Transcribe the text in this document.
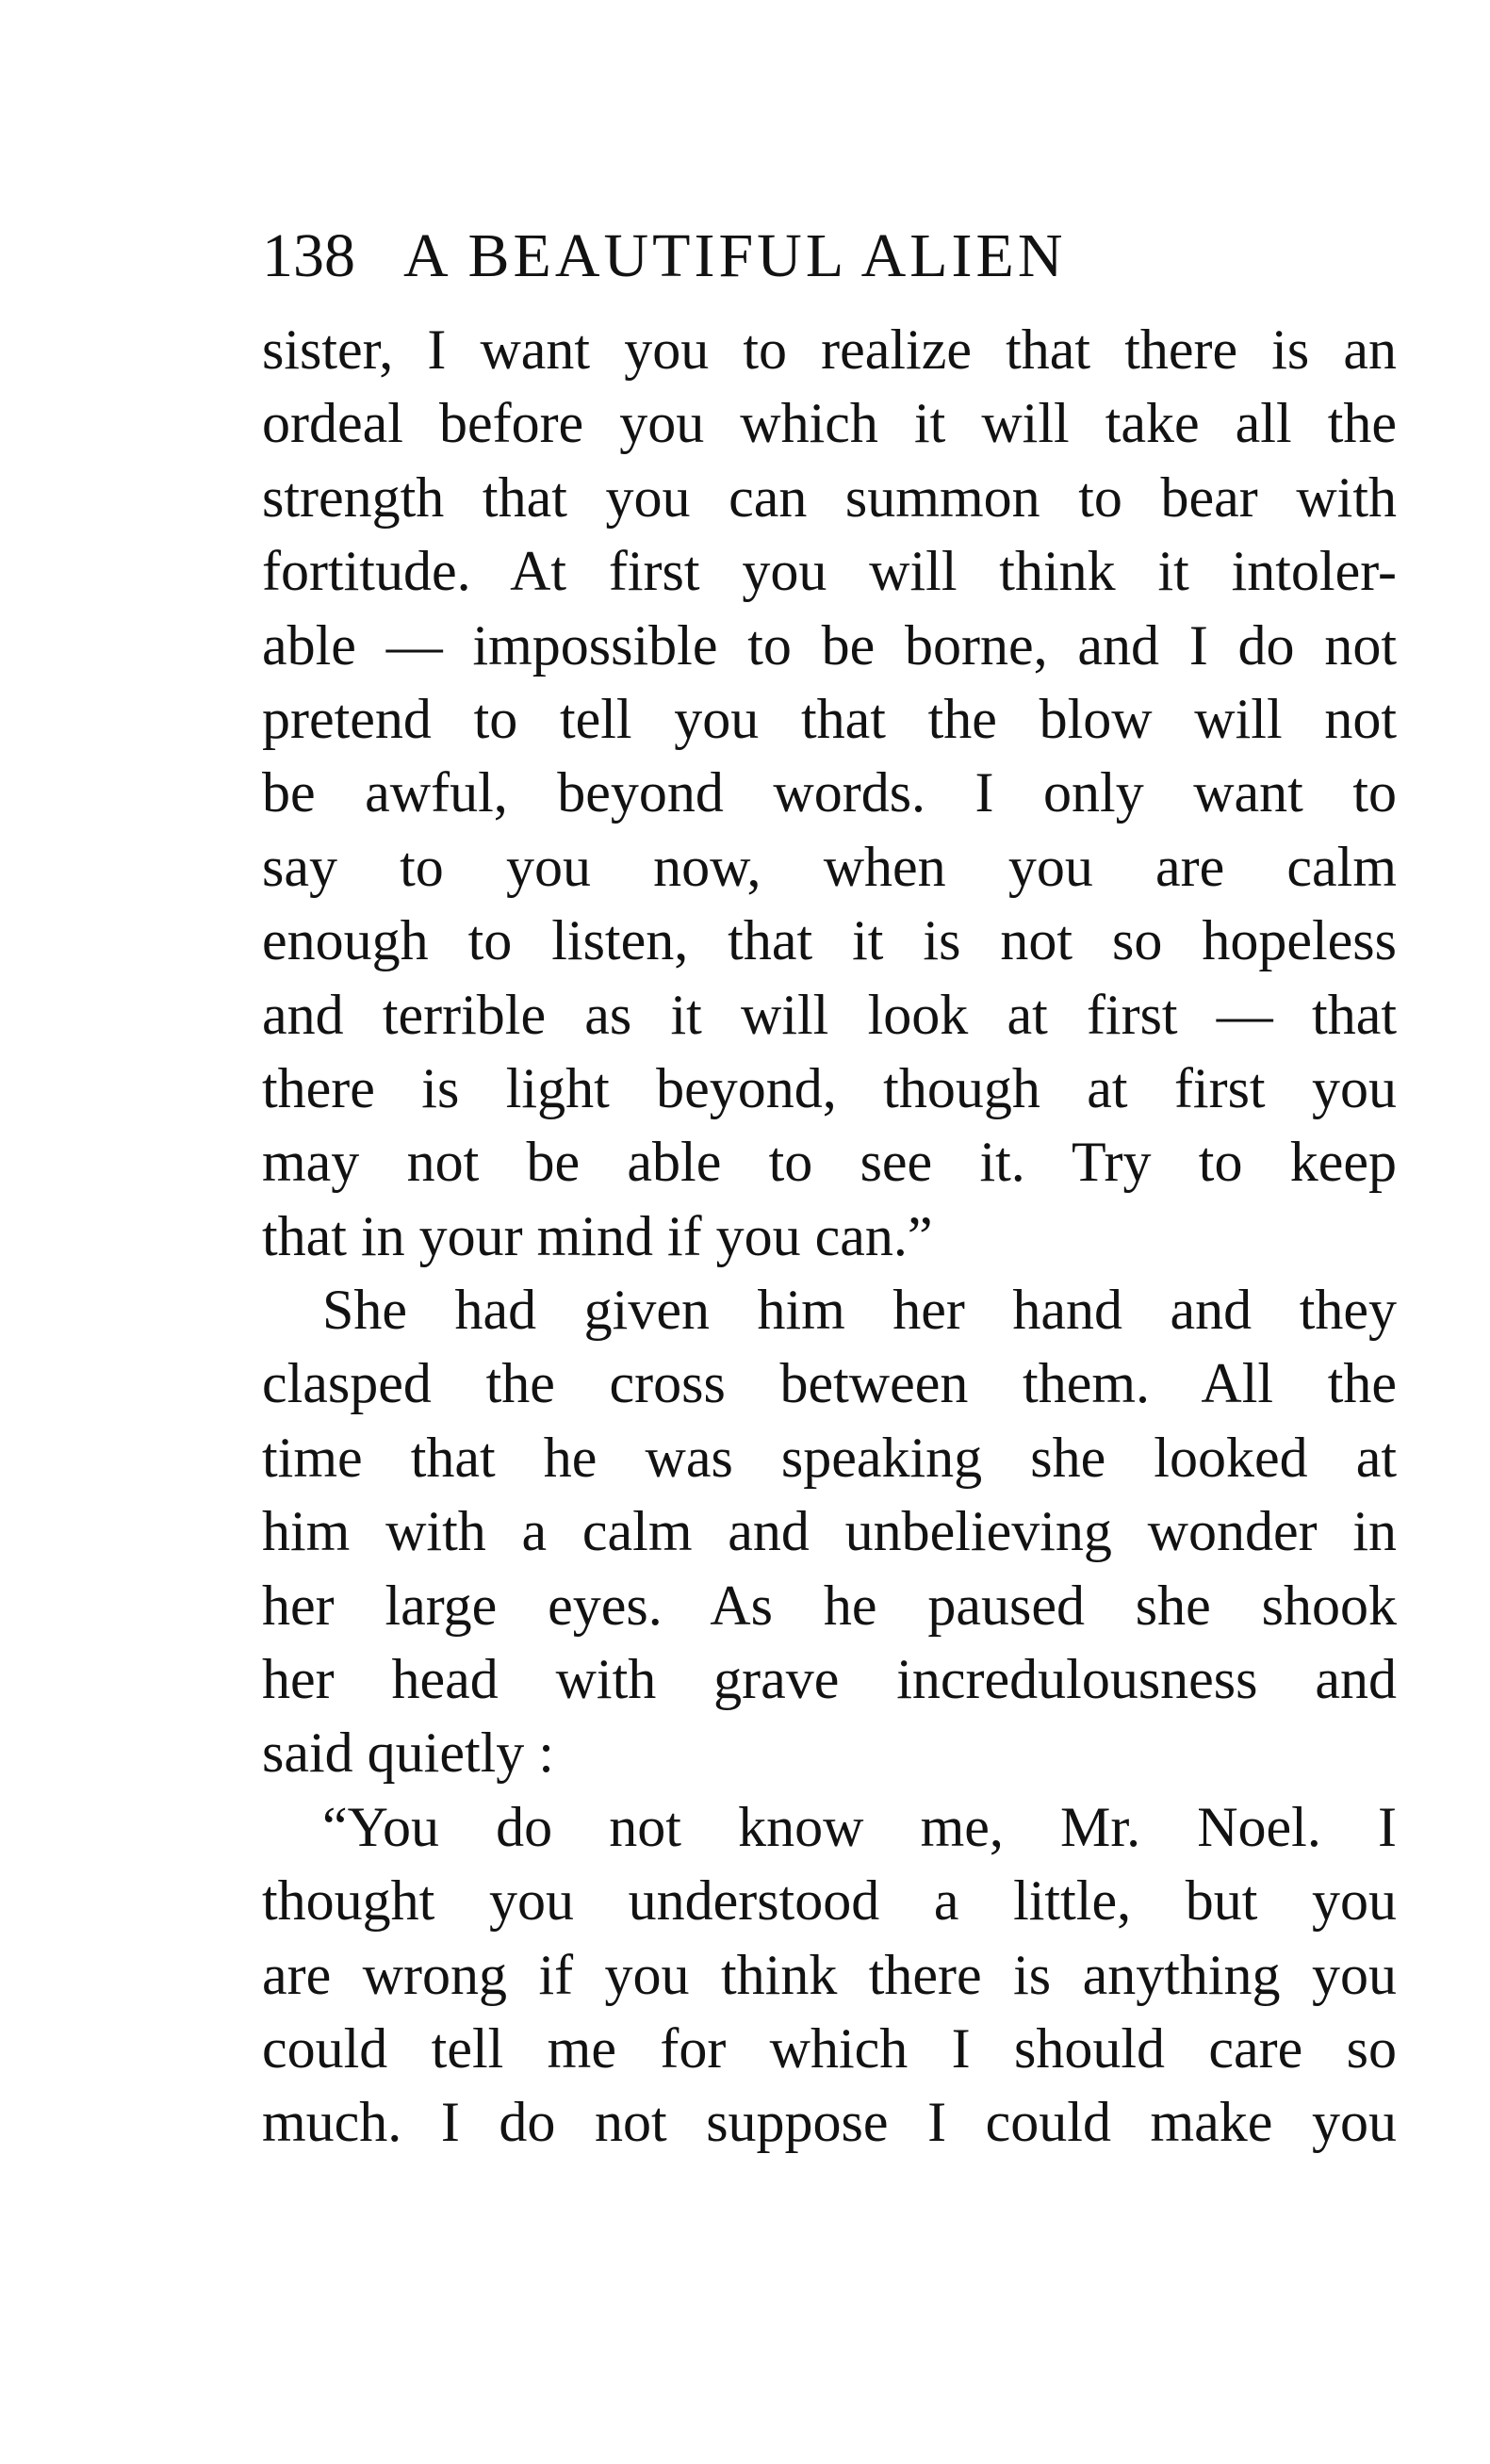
138 A BEAUTIFUL ALIEN
sister, I want you to realize that there is an
ordeal before you which it will take all the
strength that you can summon to bear with
fortitude. At first you will think it intoler-
able — impossible to be borne, and I do not
pretend to tell you that the blow will not
be awful, beyond words. I only want to
say to you now, when you are calm
enough to listen, that it is not so hopeless
and terrible as it will look at first — that
there is light beyond, though at first you
may not be able to see it. Try to keep
that in your mind if you can.”
She had given him her hand and they
clasped the cross between them. All the
time that he was speaking she looked at
him with a calm and unbelieving wonder in
her large eyes. As he paused she shook
her head with grave incredulousness and
said quietly :
“You do not know me, Mr. Noel. I
thought you understood a little, but you
are wrong if you think there is anything you
could tell me for which I should care so
much. I do not suppose I could make you
